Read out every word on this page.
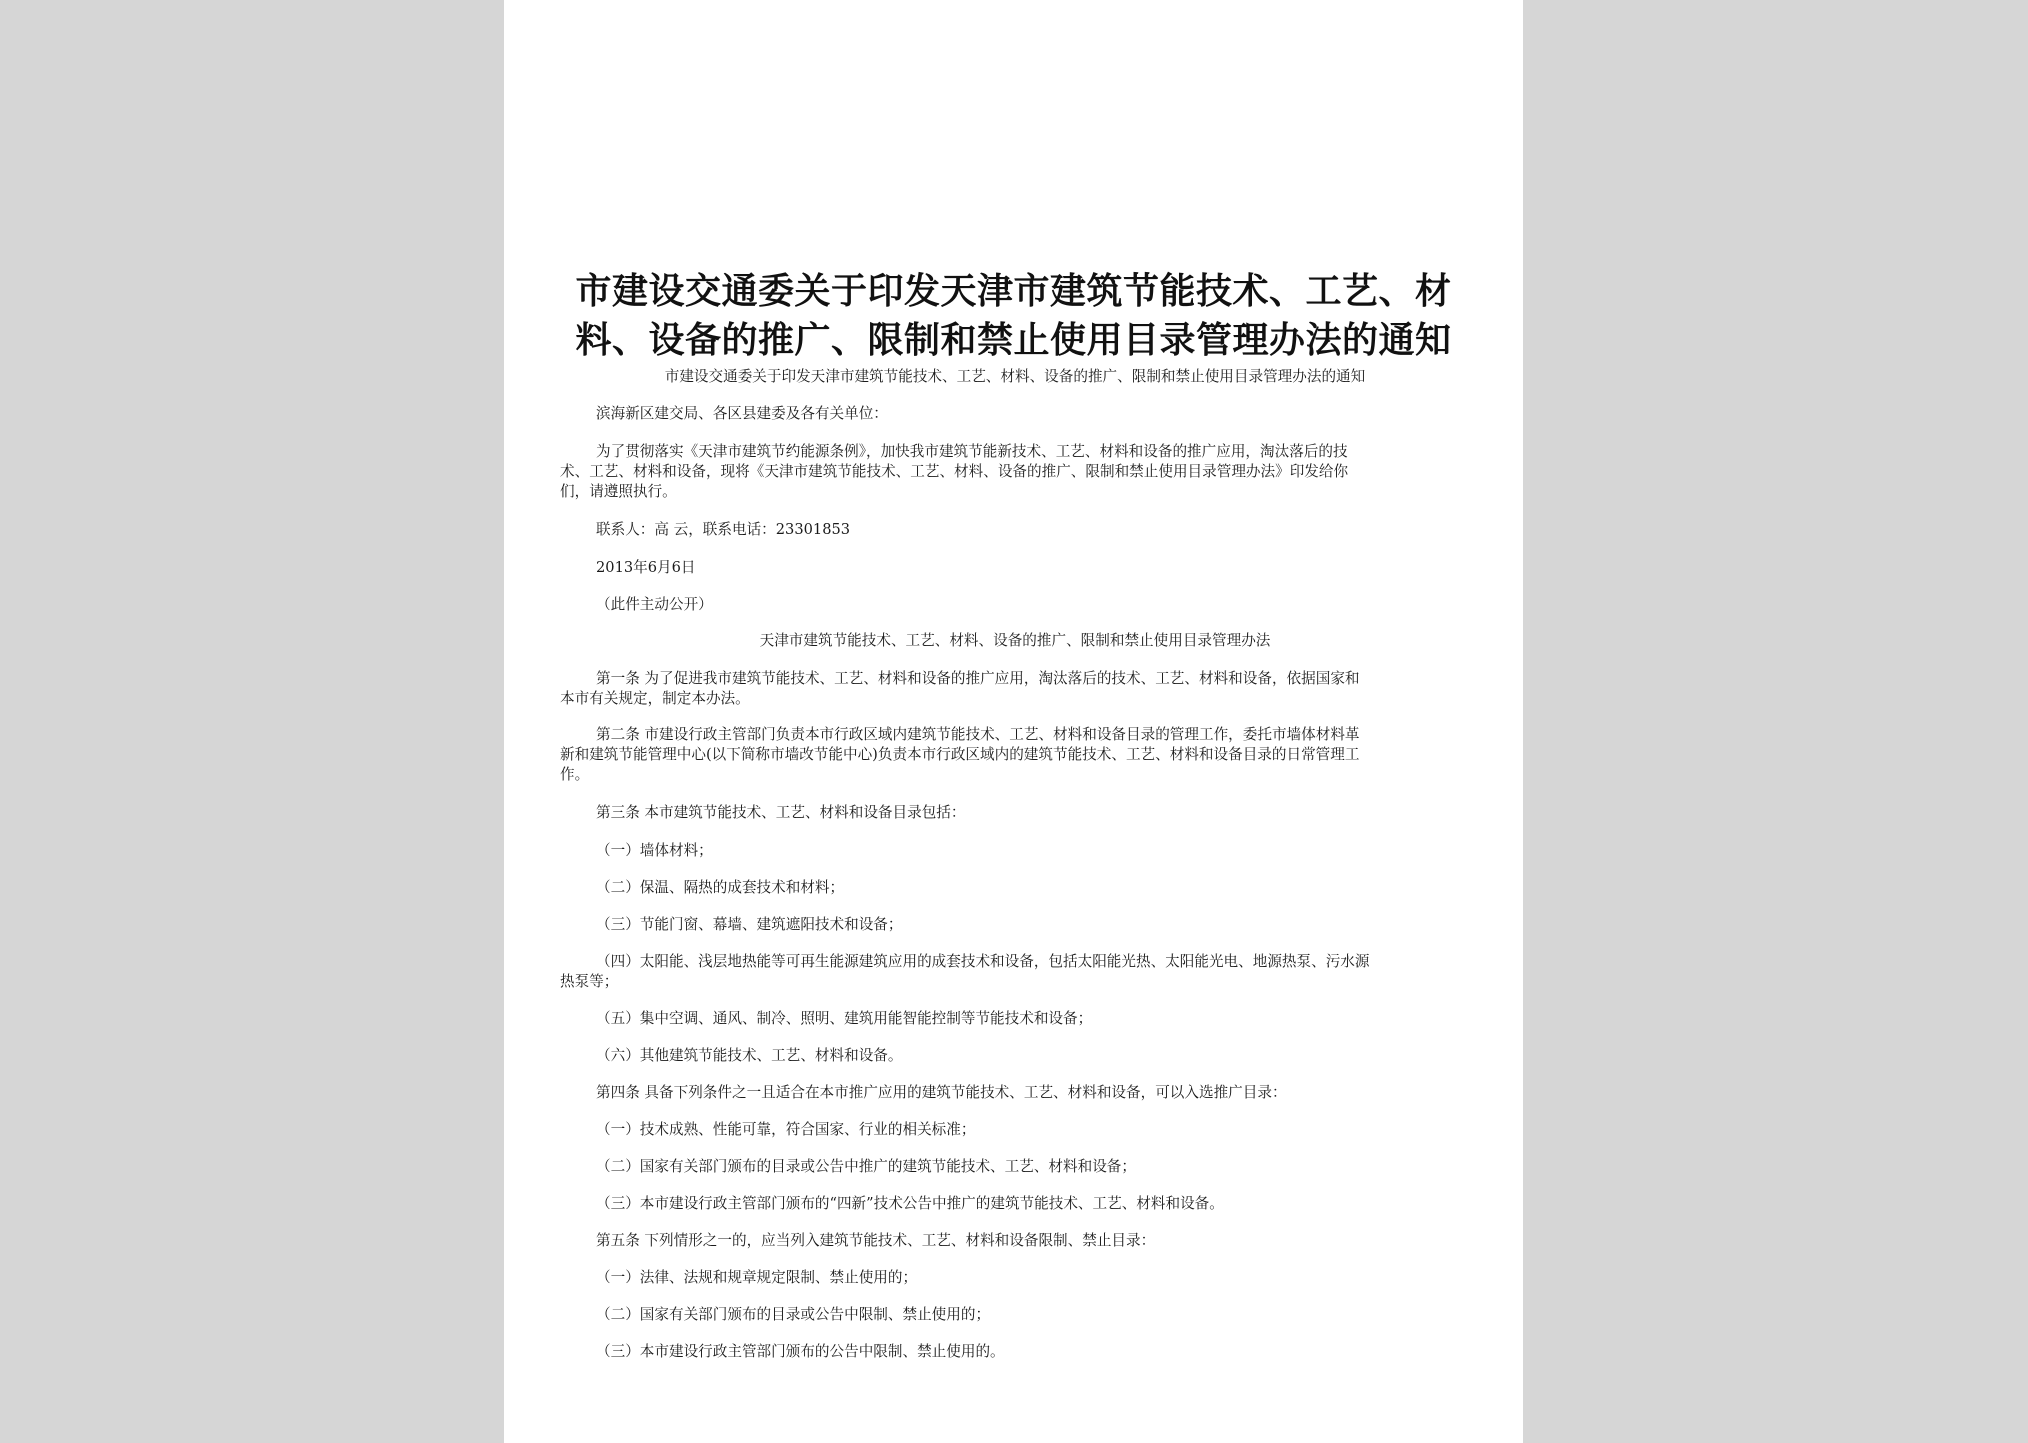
市建设交通委关于印发天津市建筑节能技术、工艺、材
料、设备的推广、限制和禁止使用目录管理办法的通知

市建设交通委关于印发天津市建筑节能技术、工艺、材料、设备的推广、限制和禁止使用目录管理办法的通知

滨海新区建交局、各区县建委及各有关单位：

为了贯彻落实《天津市建筑节约能源条例》，加快我市建筑节能新技术、工艺、材料和设备的推广应用，淘汰落后的技

术、工艺、材料和设备，现将《天津市建筑节能技术、工艺、材料、设备的推广、限制和禁止使用目录管理办法》印发给你

们，请遵照执行。

联系人：高 云，联系电话：23301853

2013年6月6日

（此件主动公开）

天津市建筑节能技术、工艺、材料、设备的推广、限制和禁止使用目录管理办法

第一条 为了促进我市建筑节能技术、工艺、材料和设备的推广应用，淘汰落后的技术、工艺、材料和设备，依据国家和

本市有关规定，制定本办法。

第二条 市建设行政主管部门负责本市行政区域内建筑节能技术、工艺、材料和设备目录的管理工作，委托市墙体材料革

新和建筑节能管理中心(以下简称市墙改节能中心)负责本市行政区域内的建筑节能技术、工艺、材料和设备目录的日常管理工

作。

第三条 本市建筑节能技术、工艺、材料和设备目录包括：

（一）墙体材料；

（二）保温、隔热的成套技术和材料；

（三）节能门窗、幕墙、建筑遮阳技术和设备；

（四）太阳能、浅层地热能等可再生能源建筑应用的成套技术和设备，包括太阳能光热、太阳能光电、地源热泵、污水源

热泵等；

（五）集中空调、通风、制冷、照明、建筑用能智能控制等节能技术和设备；

（六）其他建筑节能技术、工艺、材料和设备。

第四条 具备下列条件之一且适合在本市推广应用的建筑节能技术、工艺、材料和设备，可以入选推广目录：

（一）技术成熟、性能可靠，符合国家、行业的相关标准；

（二）国家有关部门颁布的目录或公告中推广的建筑节能技术、工艺、材料和设备；

（三）本市建设行政主管部门颁布的“四新”技术公告中推广的建筑节能技术、工艺、材料和设备。

第五条 下列情形之一的，应当列入建筑节能技术、工艺、材料和设备限制、禁止目录：

（一）法律、法规和规章规定限制、禁止使用的；

（二）国家有关部门颁布的目录或公告中限制、禁止使用的；

（三）本市建设行政主管部门颁布的公告中限制、禁止使用的。
